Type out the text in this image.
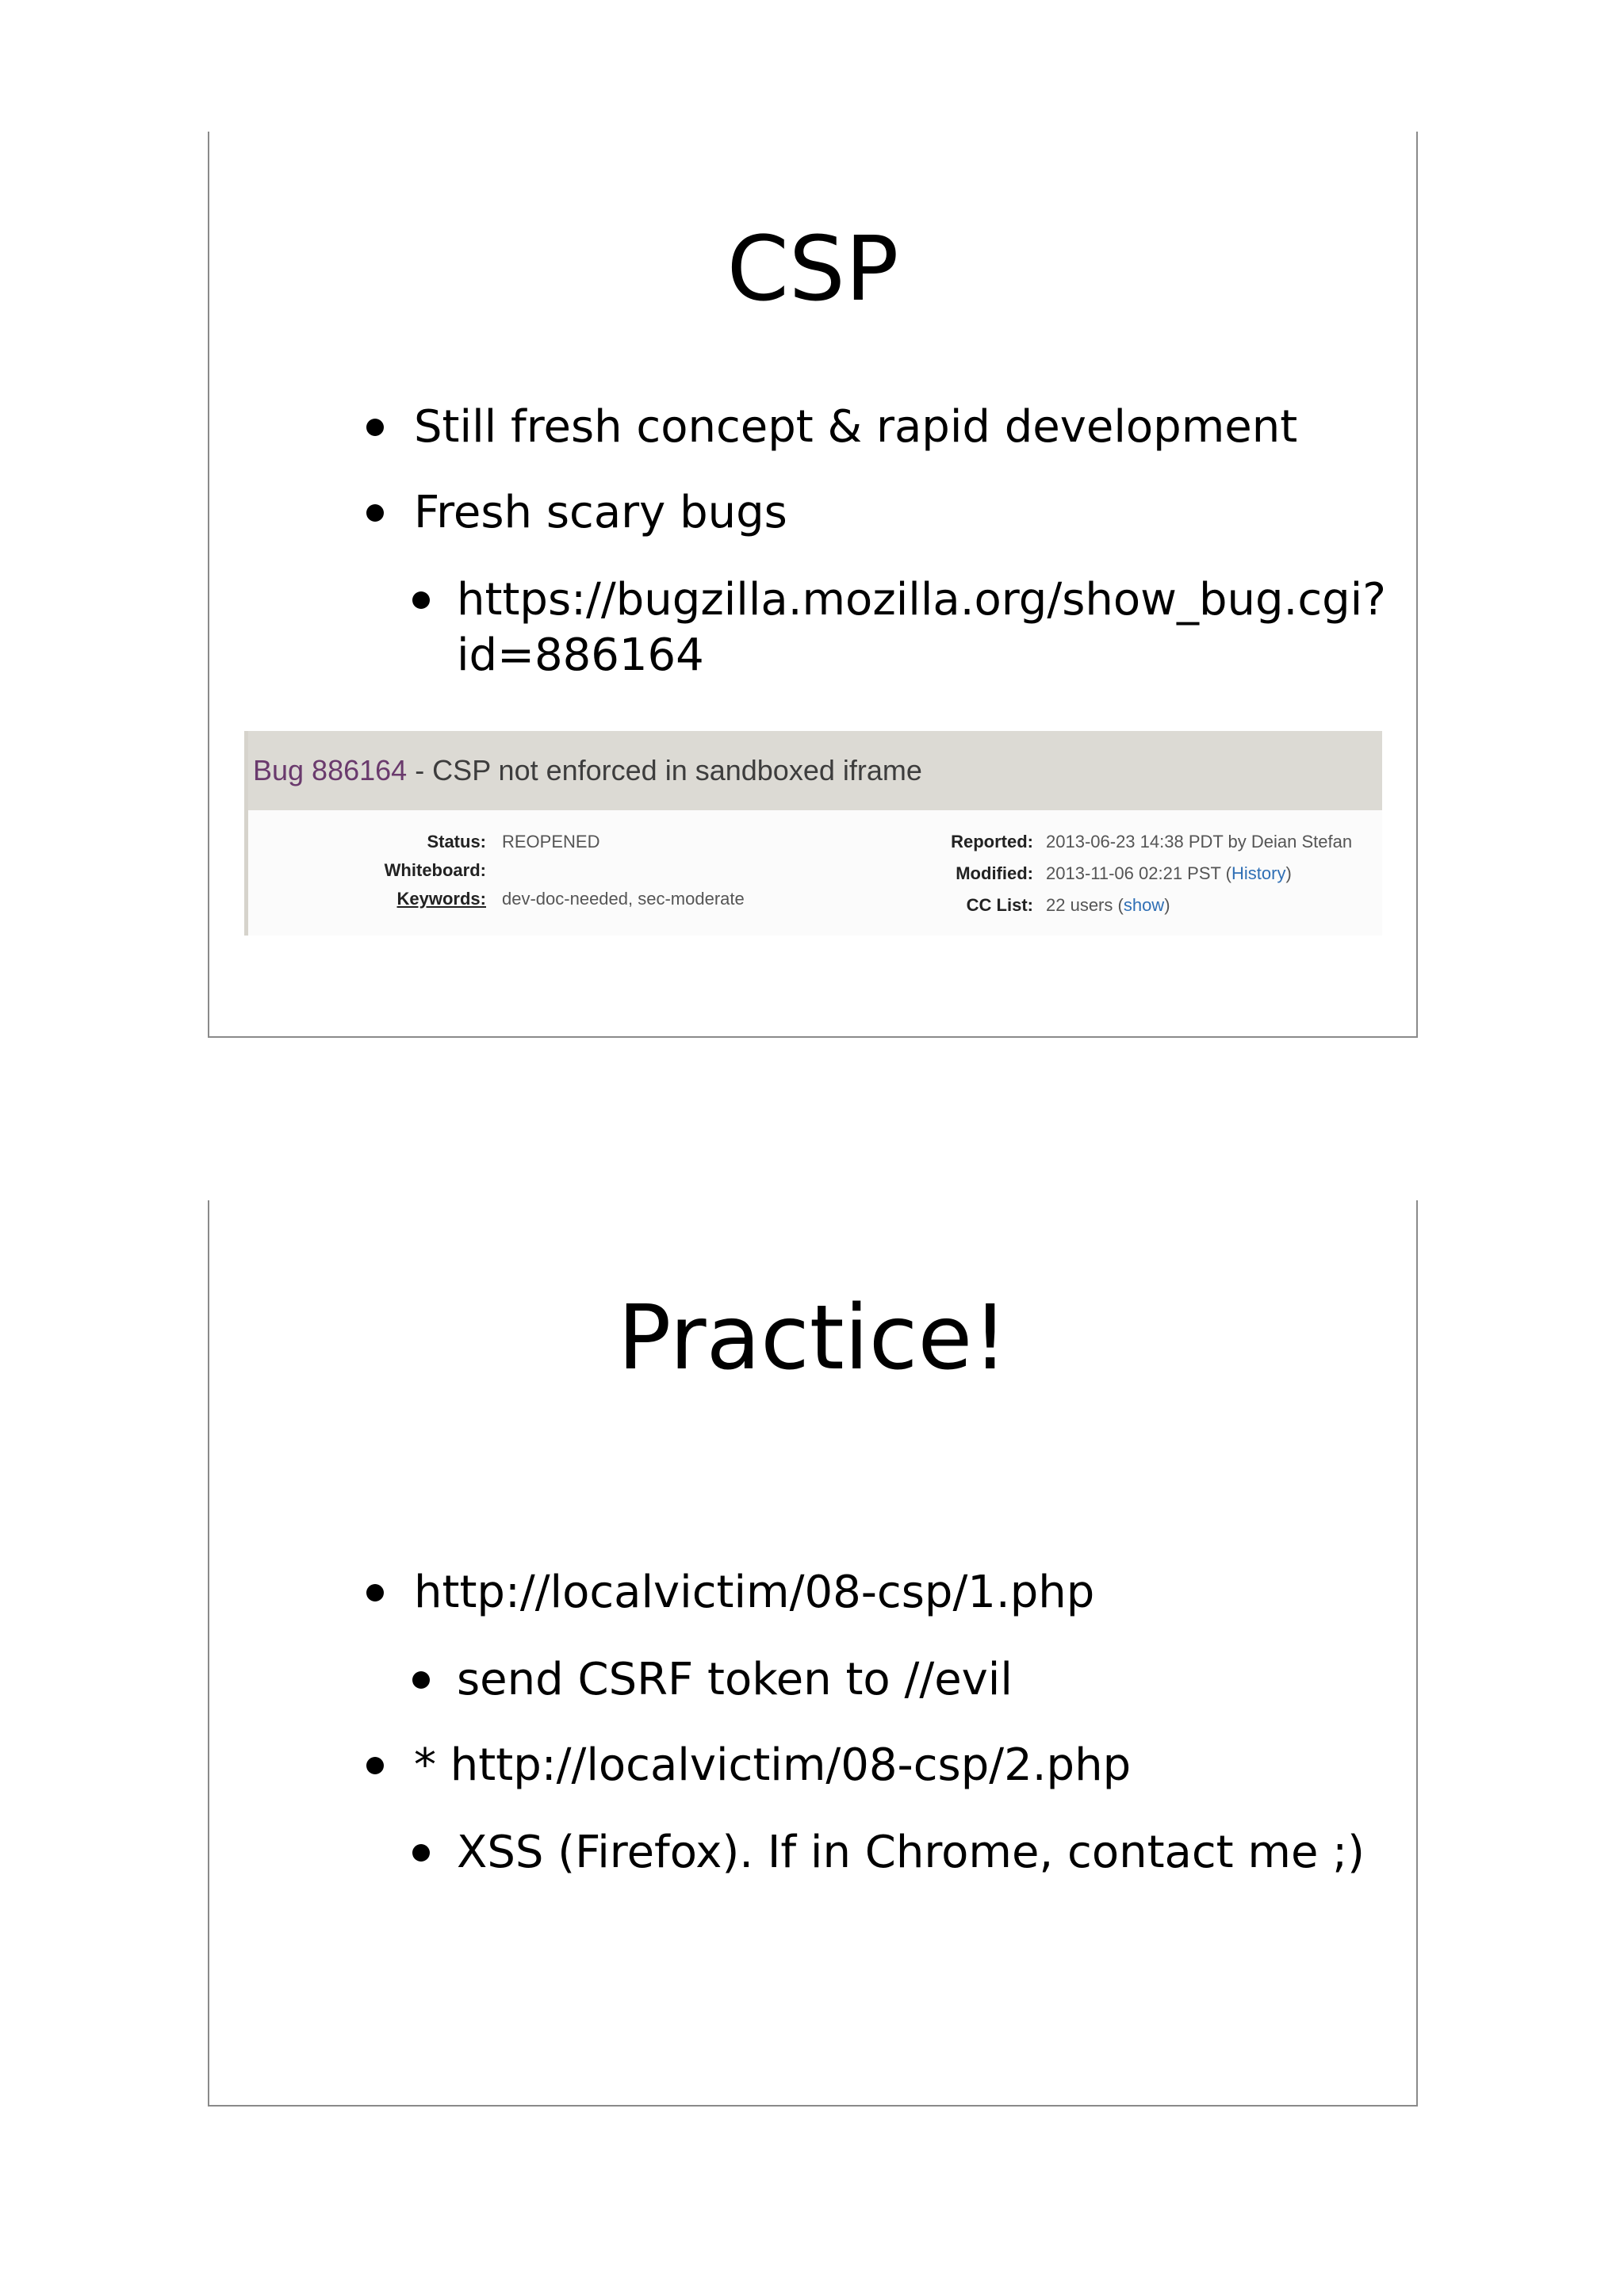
CSP
Still fresh concept & rapid development
Fresh scary bugs
https://bugzilla.mozilla.org/show_bug.cgi?
id=886164
Bug 886164 - CSP not enforced in sandboxed iframe
Status: REOPENED
Whiteboard:
Keywords: dev-doc-needed, sec-moderate
Reported: 2013-06-23 14:38 PDT by Deian Stefan
Modified: 2013-11-06 02:21 PST (History)
CC List: 22 users (show)
Practice!
http://localvictim/08-csp/1.php
send CSRF token to //evil
* http://localvictim/08-csp/2.php
XSS (Firefox). If in Chrome, contact me ;)
